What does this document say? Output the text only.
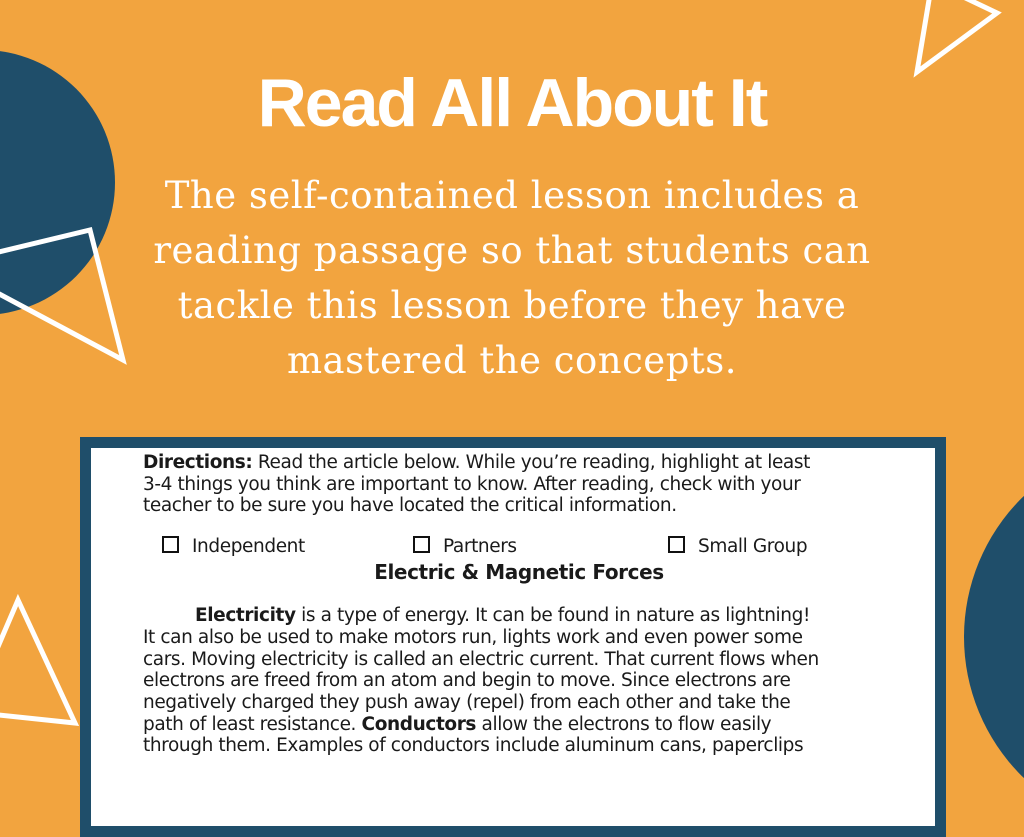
Read All About It
The self-contained lesson includes a
reading passage so that students can
tackle this lesson before they have
mastered the concepts.
Directions: Read the article below. While you’re reading, highlight at least
3-4 things you think are important to know. After reading, check with your
teacher to be sure you have located the critical information.
Independent	Partners	Small Group
Electric & Magnetic Forces
Electricity is a type of energy. It can be found in nature as lightning!
It can also be used to make motors run, lights work and even power some
cars. Moving electricity is called an electric current. That current flows when
electrons are freed from an atom and begin to move. Since electrons are
negatively charged they push away (repel) from each other and take the
path of least resistance. Conductors allow the electrons to flow easily
through them. Examples of conductors include aluminum cans, paperclips
